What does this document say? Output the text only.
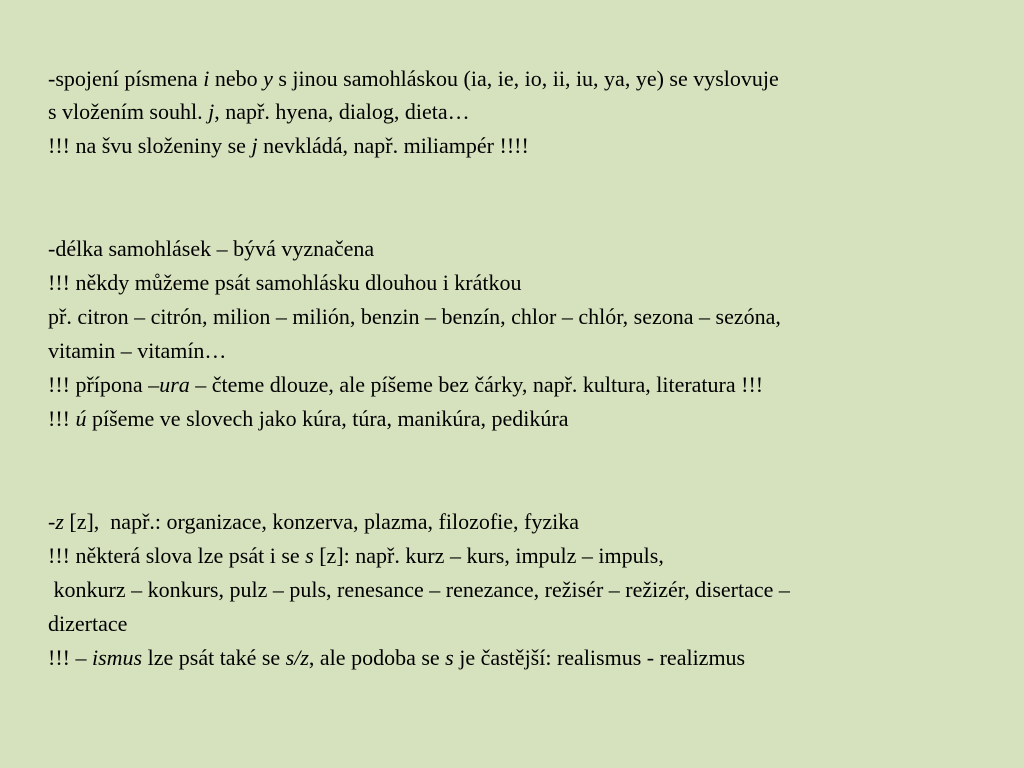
-spojení písmena i nebo y s jinou samohláskou (ia, ie, io, ii, iu, ya, ye) se vyslovuje
s vložením souhl. j, např. hyena, dialog, dieta…
!!! na švu složeniny se j nevkládá, např. miliampér !!!!
-délka samohlásek – bývá vyznačena
!!! někdy můžeme psát samohlásku dlouhou i krátkou
př. citron – citrón, milion – milión, benzin – benzín, chlor – chlór, sezona – sezóna,
vitamin – vitamín…
!!! přípona –ura – čteme dlouze, ale píšeme bez čárky, např. kultura, literatura !!!
!!! ú píšeme ve slovech jako kúra, túra, manikúra, pedikúra
-z [z],  např.: organizace, konzerva, plazma, filozofie, fyzika
!!! některá slova lze psát i se s [z]: např. kurz – kurs, impulz – impuls,
konkurz – konkurs, pulz – puls, renesance – renezance, režisér – režizér, disertace –
dizertace
!!! – ismus lze psát také se s/z, ale podoba se s je častější: realismus - realizmus
